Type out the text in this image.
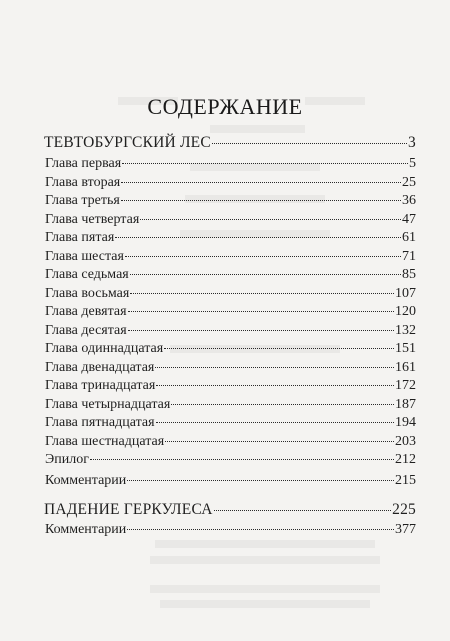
СОДЕРЖАНИЕ
ТЕВТОБУРГСКИЙ ЛЕС	3
Глава первая	5
Глава вторая	25
Глава третья	36
Глава четвертая	47
Глава пятая	61
Глава шестая	71
Глава седьмая	85
Глава восьмая	107
Глава девятая	120
Глава десятая	132
Глава одиннадцатая	151
Глава двенадцатая	161
Глава тринадцатая	172
Глава четырнадцатая	187
Глава пятнадцатая	194
Глава шестнадцатая	203
Эпилог	212
Комментарии	215
ПАДЕНИЕ ГЕРКУЛЕСА	225
Комментарии	377
